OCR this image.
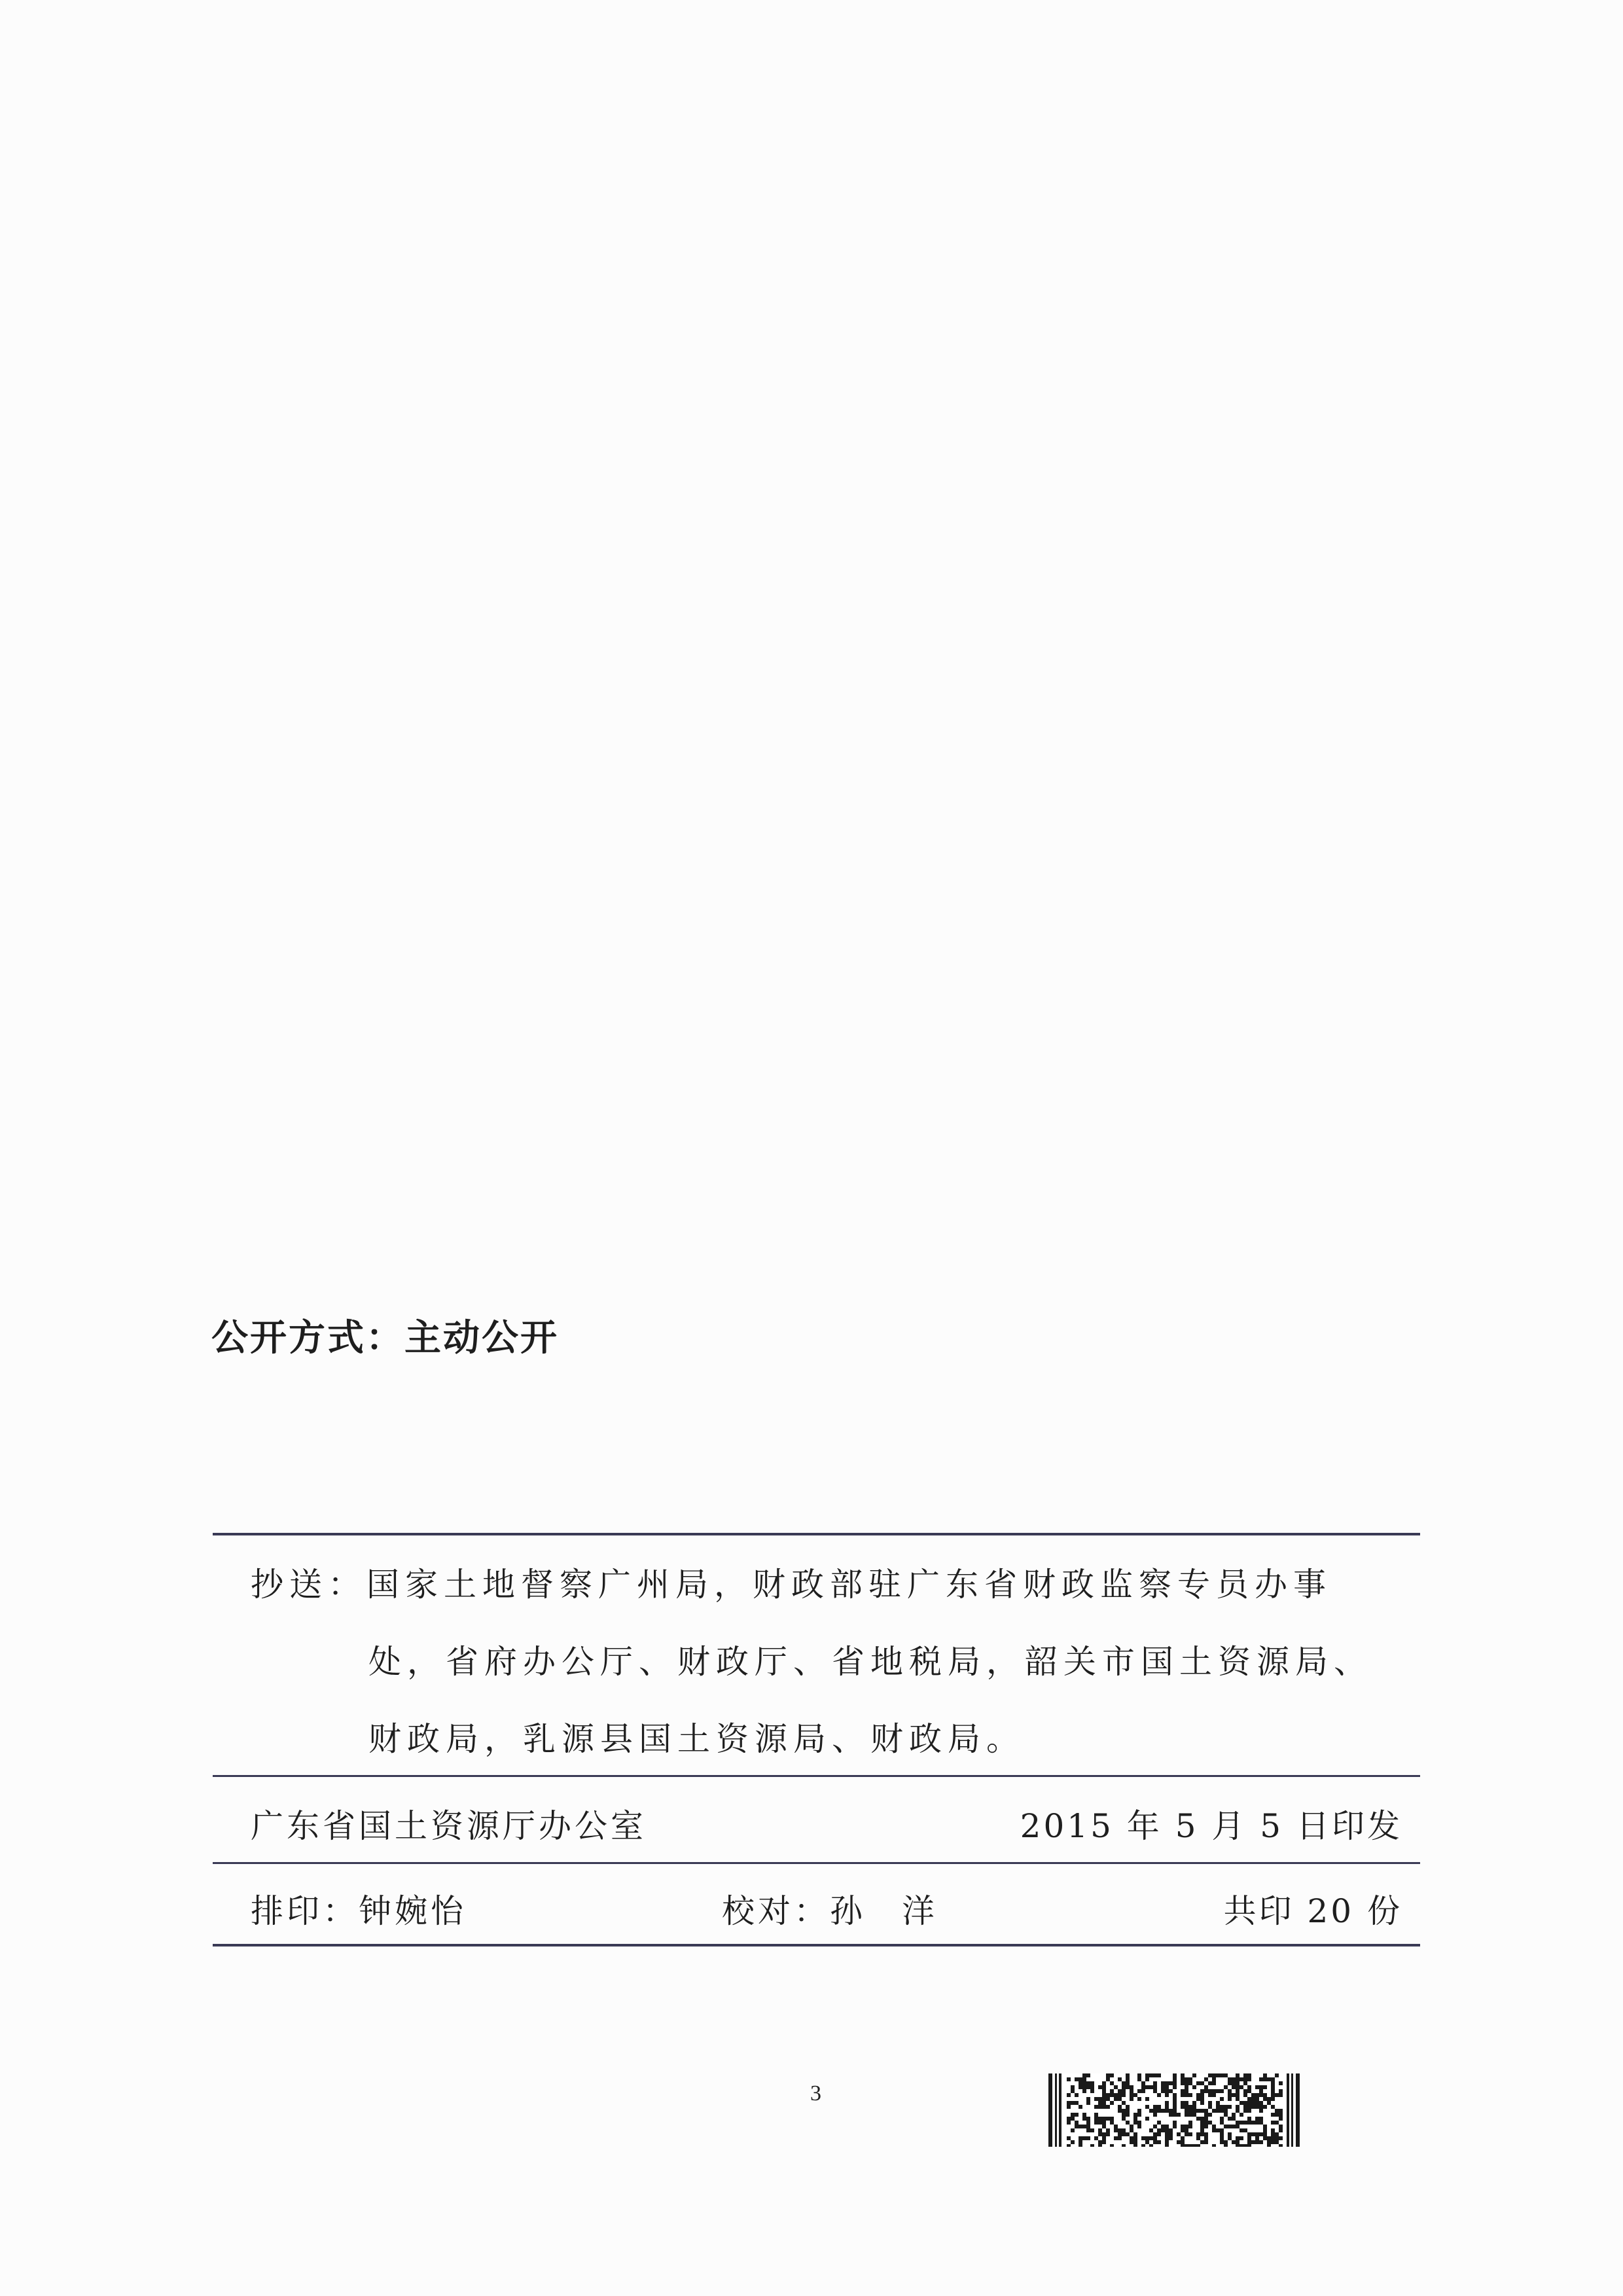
公开方式：主动公开
抄送：国家土地督察广州局，财政部驻广东省财政监察专员办事
处，省府办公厅、财政厅、省地税局，韶关市国土资源局、
财政局，乳源县国土资源局、财政局。
广东省国土资源厅办公室	2015 年 5 月 5 日印发
排印：钟婉怡	校对：孙　洋	共印 20 份
3
